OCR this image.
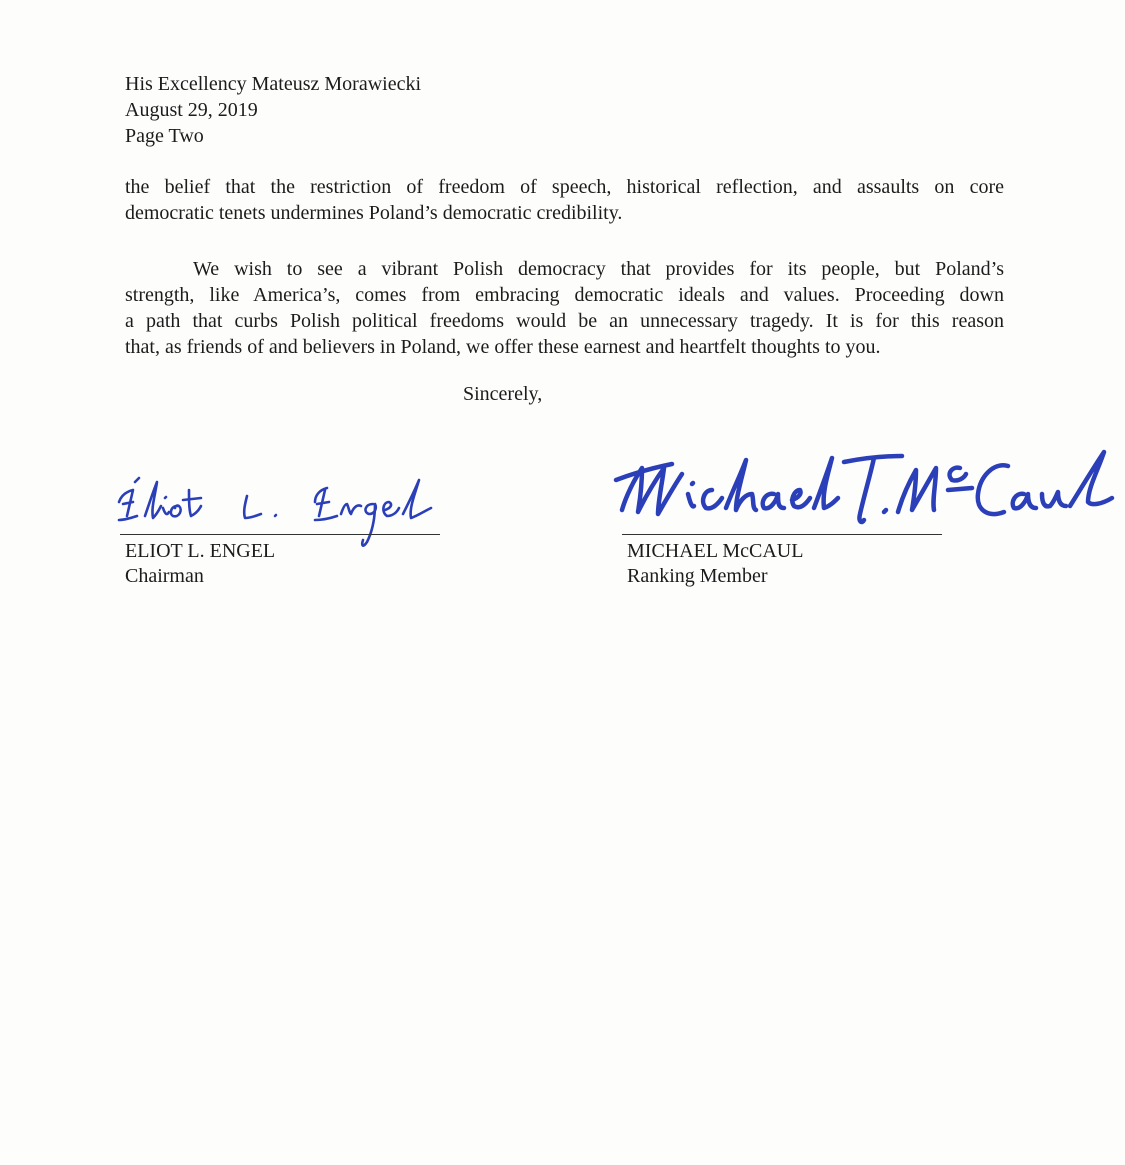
His Excellency Mateusz Morawiecki
August 29, 2019
Page Two
the belief that the restriction of freedom of speech, historical reflection, and assaults on core
democratic tenets undermines Poland’s democratic credibility.
We wish to see a vibrant Polish democracy that provides for its people, but Poland’s
strength, like America’s, comes from embracing democratic ideals and values. Proceeding down
a path that curbs Polish political freedoms would be an unnecessary tragedy. It is for this reason
that, as friends of and believers in Poland, we offer these earnest and heartfelt thoughts to you.
Sincerely,
ELIOT L. ENGEL
Chairman
MICHAEL McCAUL
Ranking Member
